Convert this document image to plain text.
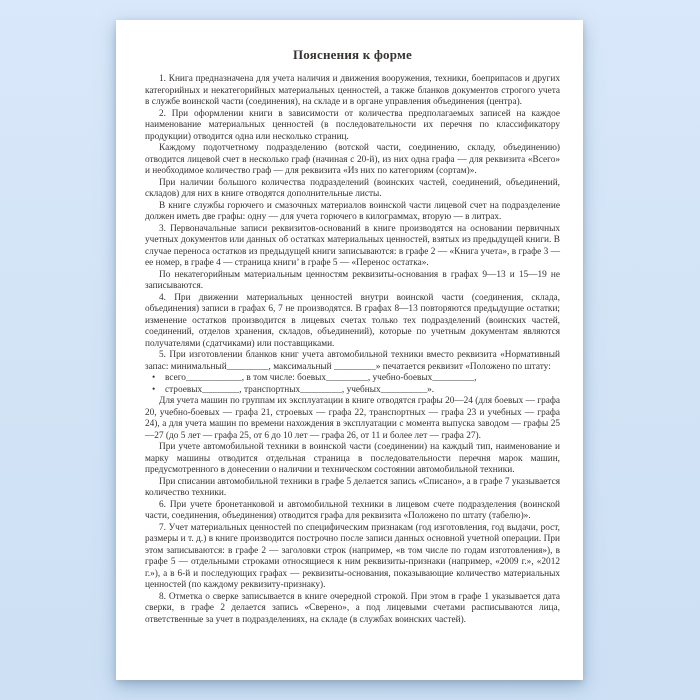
Пояснения к форме

1. Книга предназначена для учета наличия и движения вооружения, техники, боеприпасов и других категорийных и некатегорийных материальных ценностей, а также бланков документов строгого учета в службе воинской части (соединения), на складе и в органе управления объединения (центра).

2. При оформлении книги в зависимости от количества предполагаемых записей на каждое наименование материальных ценностей (в последовательности их перечня по классификатору продукции) отводится одна или несколько страниц.

Каждому подотчетному подразделению (вотской части, соединению, складу, объединению) отводится лицевой счет в несколько граф (начиная с 20-й), из них одна графа — для реквизита «Всего» и необходимое количество граф — для реквизита «Из них по категориям (сортам)».

При наличии большого количества подразделений (воинских частей, соединений, объединений, складов) для них в книге отводятся дополнительные листы.

В книге службы горючего и смазочных материалов воинской части лицевой счет на подразделение должен иметь две графы: одну — для учета горючего в килограммах, вторую — в литрах.

3. Первоначальные записи реквизитов-оснований в книге производятся на основании первичных учетных документов или данных об остатках материальных ценностей, взятых из предыдущей книги. В случае переноса остатков из предыдущей книги записываются: в графе 2 — «Книга учета», в графе 3 — ее номер, в графе 4 — страница книги’ в графе 5 — «Перенос остатка».

По некатегорийным материальным ценностям реквизиты-основания в графах 9—13 и 15—19 не записываются.

4. При движении материальных ценностей внутри воинской части (соединения, склада, объединения) записи в графах 6, 7 не производятся. В графах 8—13 повторяются предыдущие остатки; изменение остатков производится в лицевых счетах только тех подразделений (воинских частей, соединений, отделов хранения, складов, объединений), которые по учетным документам являются получателями (сдатчиками) или поставщиками.

5. При изготовлении бланков книг учета автомобильной техники вместо реквизита «Нормативный запас: минимальный_________, максимальный _________» печатается реквизит «Положено по штату:

• всего____________, в том числе: боевых_________, учебно-боевых_________,

• строевых________, транспортных_________, учебных__________».

Для учета машин по группам их эксплуатации в книге отводятся графы 20—24 (для боевых — графа 20, учебно-боевых — графа 21, строевых — графа 22, транспортных — графа 23 и учебных — графа 24), а для учета машин по времени нахождения в эксплуатации с момента выпуска заводом — графы 25—27 (до 5 лет — графа 25, от 6 до 10 лет — графа 26, от 11 и более лет — графа 27).

При учете автомобильной техники в воинской части (соединении) на каждый тип, наименование и марку машины отводится отдельная страница в последовательности перечня марок машин, предусмотренного в донесении о наличии и техническом состоянии автомобильной техники.

При списании автомобильной техники в графе 5 делается запись «Списано», а в графе 7 указывается количество техники.

6. При учете бронетанковой и автомобильной техники в лицевом счете подразделения (воинской части, соединения, объединения) отводится графа для реквизита «Положено по штату (табелю)».

7. Учет материальных ценностей по специфическим признакам (год изготовления, год выдачи, рост, размеры и т. д.) в книге производится построчно после записи данных основной учетной операции. При этом записываются: в графе 2 — заголовки строк (например, «в том числе по годам изготовления»), в графе 5 — отдельными строками относящиеся к ним реквизиты-признаки (например, «2009 г.», «2012 г.»), а в 6-й и последующих графах — реквизиты-основания, показывающие количество материальных ценностей (по каждому реквизиту-признаку).

8. Отметка о сверке записывается в книге очередной строкой. При этом в графе 1 указывается дата сверки, в графе 2 делается запись «Сверено», а под лицевыми счетами расписываются лица, ответственные за учет в подразделениях, на складе (в службах воинских частей).
